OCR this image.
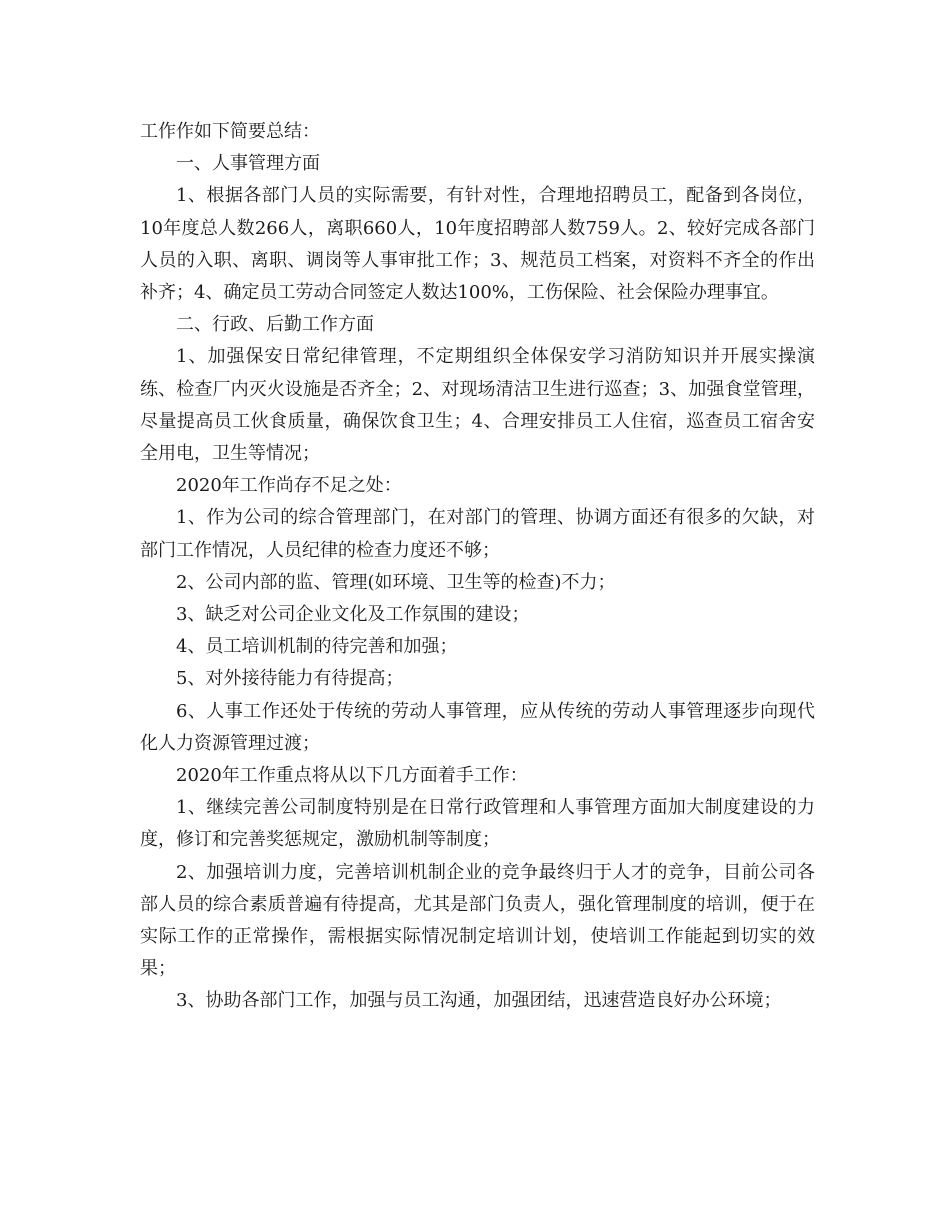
工作作如下简要总结：

一、人事管理方面

1、根据各部门人员的实际需要，有针对性，合理地招聘员工，配备到各岗位，10年度总人数266人，离职660人，10年度招聘部人数759人。2、较好完成各部门人员的入职、离职、调岗等人事审批工作；3、规范员工档案，对资料不齐全的作出补齐；4、确定员工劳动合同签定人数达100%，工伤保险、社会保险办理事宜。

二、行政、后勤工作方面

1、加强保安日常纪律管理，不定期组织全体保安学习消防知识并开展实操演练、检查厂内灭火设施是否齐全；2、对现场清洁卫生进行巡查；3、加强食堂管理，尽量提高员工伙食质量，确保饮食卫生；4、合理安排员工人住宿，巡查员工宿舍安全用电，卫生等情况；

2020年工作尚存不足之处：

1、作为公司的综合管理部门，在对部门的管理、协调方面还有很多的欠缺，对部门工作情况，人员纪律的检查力度还不够；

2、公司内部的监、管理(如环境、卫生等的检查)不力；

3、缺乏对公司企业文化及工作氛围的建设；

4、员工培训机制的待完善和加强；

5、对外接待能力有待提高；

6、人事工作还处于传统的劳动人事管理，应从传统的劳动人事管理逐步向现代化人力资源管理过渡；

2020年工作重点将从以下几方面着手工作：

1、继续完善公司制度特别是在日常行政管理和人事管理方面加大制度建设的力度，修订和完善奖惩规定，激励机制等制度；

2、加强培训力度，完善培训机制企业的竞争最终归于人才的竞争，目前公司各部人员的综合素质普遍有待提高，尤其是部门负责人，强化管理制度的培训，便于在实际工作的正常操作，需根据实际情况制定培训计划，使培训工作能起到切实的效果；

3、协助各部门工作，加强与员工沟通，加强团结，迅速营造良好办公环境；
